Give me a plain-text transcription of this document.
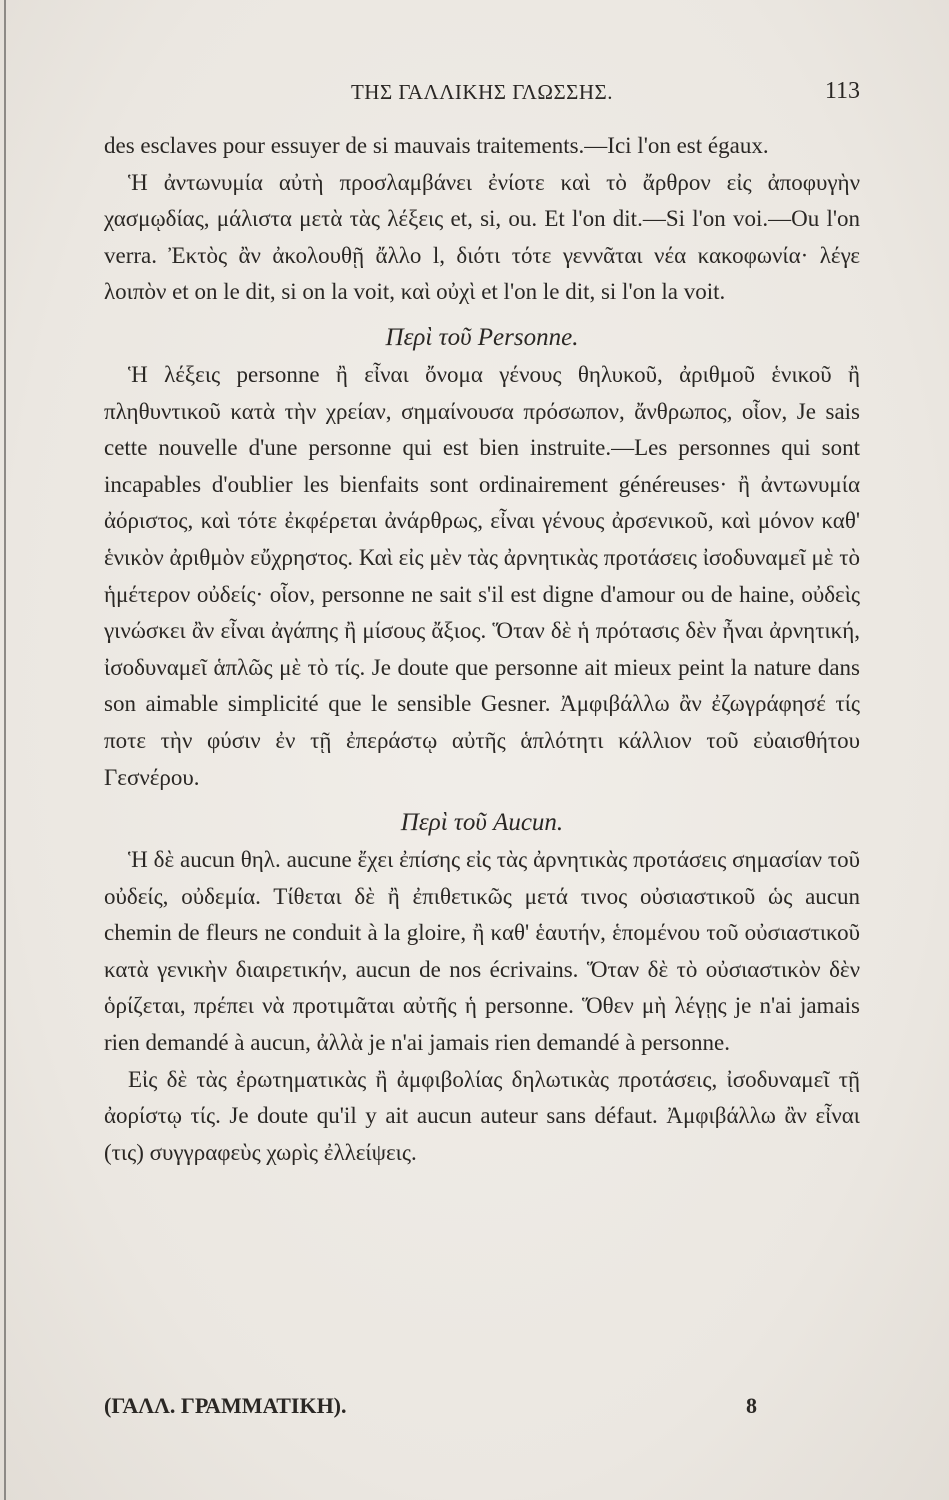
ΤΗΣ ΓΑΛΛΙΚΗΣ ΓΛΩΣΣΗΣ.	113

des esclaves pour essuyer de si mauvais traitements.—Ici l'on est égaux.

Ἡ ἀντωνυμία αὐτὴ προσλαμβάνει ἐνίοτε καὶ τὸ ἄρθρον εἰς ἀποφυγὴν χασμῳδίας, μάλιστα μετὰ τὰς λέξεις et, si, ou. Et l'on dit.—Si l'on voi.—Ou l'on verra. Ἐκτὸς ἂν ἀκολουθῇ ἄλλο l, διότι τότε γεννᾶται νέα κακοφωνία· λέγε λοιπὸν et on le dit, si on la voit, καὶ οὐχὶ et l'on le dit, si l'on la voit.

Περὶ τοῦ Personne.

Ἡ λέξεις personne ἢ εἶναι ὄνομα γένους θηλυκοῦ, ἀριθμοῦ ἑνικοῦ ἢ πληθυντικοῦ κατὰ τὴν χρείαν, σημαίνουσα πρόσωπον, ἄνθρωπος, οἷον, Je sais cette nouvelle d'une personne qui est bien instruite.—Les personnes qui sont incapables d'oublier les bienfaits sont ordinairement généreuses· ἢ ἀντωνυμία ἀόριστος, καὶ τότε ἐκφέρεται ἀνάρθρως, εἶναι γένους ἀρσενικοῦ, καὶ μόνον καθ' ἑνικὸν ἀριθμὸν εὔχρηστος. Καὶ εἰς μὲν τὰς ἀρνητικὰς προτάσεις ἰσοδυναμεῖ μὲ τὸ ἡμέτερον οὐδείς· οἷον, personne ne sait s'il est digne d'amour ou de haine, οὐδεὶς γινώσκει ἂν εἶναι ἀγάπης ἢ μίσους ἄξιος. Ὅταν δὲ ἡ πρότασις δὲν ἦναι ἀρνητική, ἰσοδυναμεῖ ἁπλῶς μὲ τὸ τίς. Je doute que personne ait mieux peint la nature dans son aimable simplicité que le sensible Gesner. Ἀμφιβάλλω ἂν ἐζωγράφησέ τίς ποτε τὴν φύσιν ἐν τῇ ἐπεράστῳ αὐτῆς ἁπλότητι κάλλιον τοῦ εὐαισθήτου Γεσνέρου.

Περὶ τοῦ Aucun.

Ἡ δὲ aucun θηλ. aucune ἔχει ἐπίσης εἰς τὰς ἀρνητικὰς προτάσεις σημασίαν τοῦ οὐδείς, οὐδεμία. Τίθεται δὲ ἢ ἐπιθετικῶς μετά τινος οὐσιαστικοῦ ὡς aucun chemin de fleurs ne conduit à la gloire, ἢ καθ' ἑαυτήν, ἑπομένου τοῦ οὐσιαστικοῦ κατὰ γενικὴν διαιρετικήν, aucun de nos écrivains. Ὅταν δὲ τὸ οὐσιαστικὸν δὲν ὁρίζεται, πρέπει νὰ προτιμᾶται αὐτῆς ἡ personne. Ὅθεν μὴ λέγῃς je n'ai jamais rien demandé à aucun, ἀλλὰ je n'ai jamais rien demandé à personne.

Εἰς δὲ τὰς ἐρωτηματικὰς ἢ ἀμφιβολίας δηλωτικὰς προτάσεις, ἰσοδυναμεῖ τῇ ἀορίστῳ τίς. Je doute qu'il y ait aucun auteur sans défaut. Ἀμφιβάλλω ἂν εἶναι (τις) συγγραφεὺς χωρὶς ἐλλείψεις.

(ΓΑΛΛ. ΓΡΑΜΜΑΤΙΚΗ).	8
